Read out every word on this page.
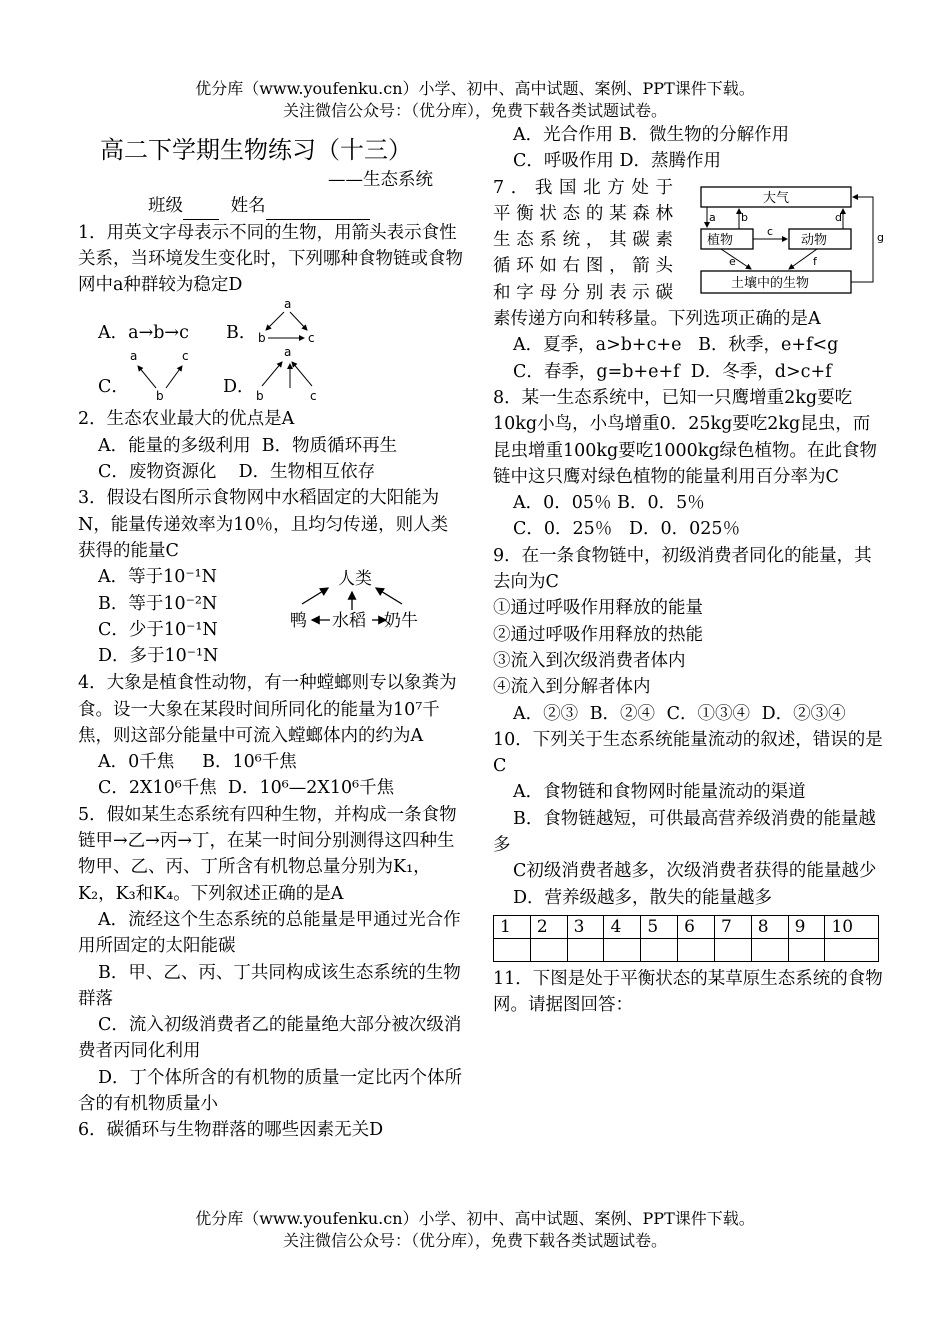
优分库（www.youfenku.cn）小学、初中、高中试题、案例、PPT课件下载。
关注微信公众号：（优分库），免费下载各类试题试卷。
高二下学期生物练习（十三）
——生态系统
班级	姓名

1．用英文字母表示不同的生物，用箭头表示食性关系，当环境发生变化时，下列哪种食物链或食物网中a种群较为稳定D

A．a→b→c B．
C．	D．
a
b	c
a	c
b
a
b	c

2．生态农业最大的优点是A

A．能量的多级利用 B．物质循环再生
C．废物资源化 D．生物相互依存

3．假设右图所示食物网中水稻固定的大阳能为N，能量传递效率为10％，且均匀传递，则人类获得的能量C

A．等于10⁻¹N
B．等于10⁻²N
C．少于10⁻¹N
D．多于10⁻¹N
人类
鸭 水稻 奶牛

4．大象是植食性动物，有一种螳螂则专以象粪为食。设一大象在某段时间所同化的能量为10⁷千焦，则这部分能量中可流入螳螂体内的约为A

A．0千焦 B．10⁶千焦
C．2X10⁶千焦 D．10⁶—2X10⁶千焦

5．假如某生态系统有四种生物，并构成一条食物链甲→乙→丙→丁，在某一时间分别测得这四种生物甲、乙、丙、丁所含有机物总量分别为K₁，K₂，K₃和K₄。下列叙述正确的是A

A．流经这个生态系统的总能量是甲通过光合作用所固定的太阳能碳

B．甲、乙、丙、丁共同构成该生态系统的生物群落

C．流入初级消费者乙的能量绝大部分被次级消费者丙同化利用

D．丁个体所含的有机物的质量一定比丙个体所含的有机物质量小

6．碳循环与生物群落的哪些因素无关D

A．光合作用 B．微生物的分解作用
C．呼吸作用 D．蒸腾作用
7．我国北方处于
平衡状态的某森林
生态系统，其碳素
循环如右图，箭头
和字母分别表示碳
大气
植物	动物
土壤中的生物
a b
c
d
e	f
g

素传递方向和转移量。下列选项正确的是A

A．夏季，a>b+c+e B．秋季，e+f<g
C．春季，g=b+e+f D．冬季，d>c+f

8．某一生态系统中，已知一只鹰增重2kg要吃10kg小鸟，小鸟增重0．25kg要吃2kg昆虫，而昆虫增重100kg要吃1000kg绿色植物。在此食物链中这只鹰对绿色植物的能量利用百分率为C

A．0．05％ B．0．5％
C．0．25％ D．0．025％

9．在一条食物链中，初级消费者同化的能量，其去向为C

①通过呼吸作用释放的能量

②通过呼吸作用释放的热能

③流入到次级消费者体内

④流入到分解者体内

A．②③ B．②④ C．①③④ D．②③④

10．下列关于生态系统能量流动的叙述，错误的是C

A．食物链和食物网时能量流动的渠道

B．食物链越短，可供最高营养级消费的能量越多

C初级消费者越多，次级消费者获得的能量越少

D．营养级越多，散失的能量越多

1	2	3	4	5	6	7	8	9	10

11．下图是处于平衡状态的某草原生态系统的食物网。请据图回答：

优分库（www.youfenku.cn）小学、初中、高中试题、案例、PPT课件下载。
关注微信公众号：（优分库），免费下载各类试题试卷。
